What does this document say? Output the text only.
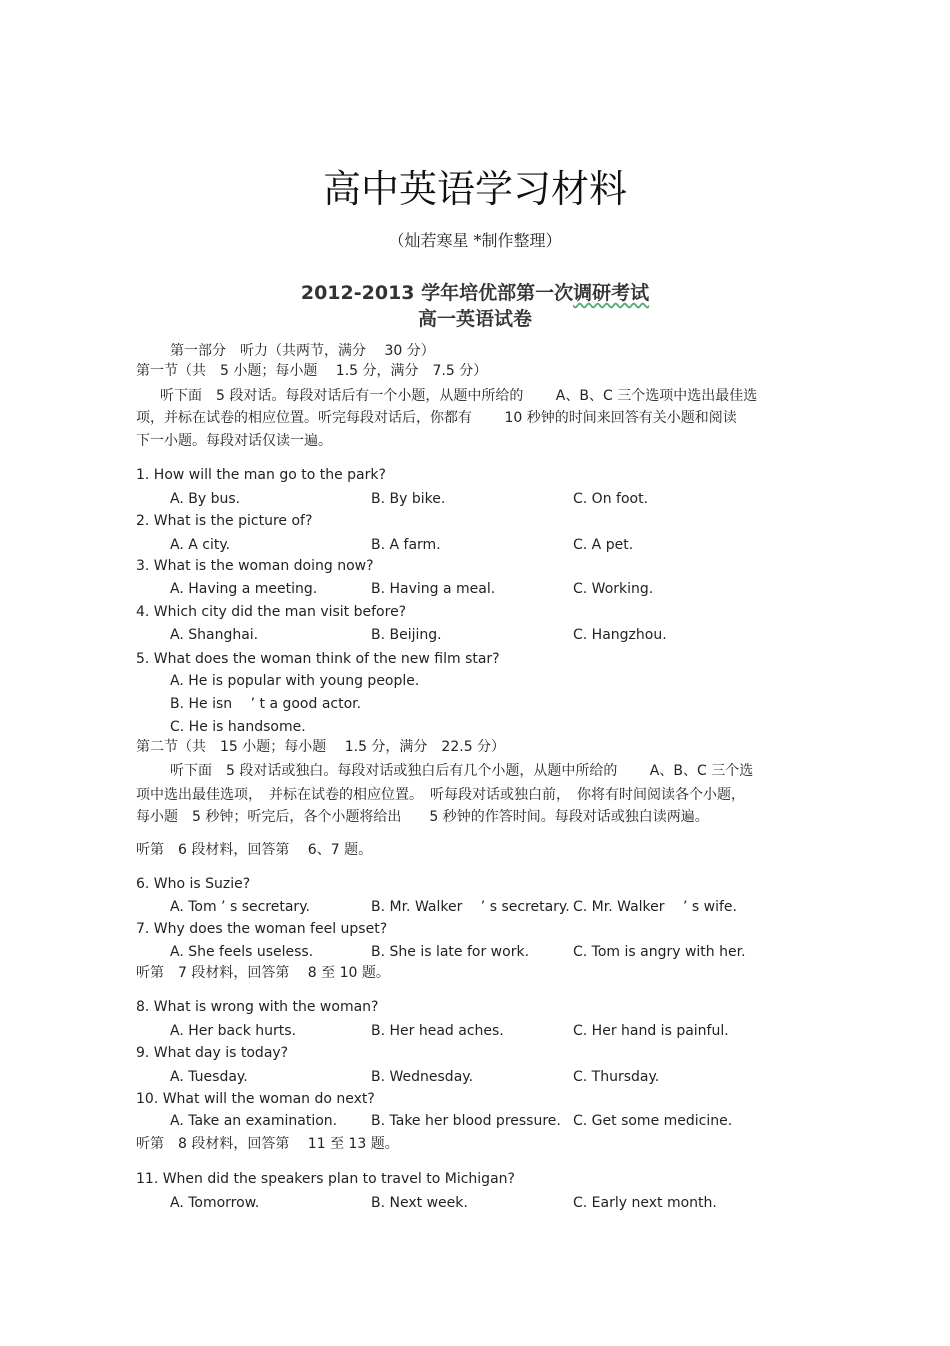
高中英语学习材料
（灿若寒星 *制作整理）
2012-2013 学年培优部第一次调研考试
高一英语试卷
第一部分　听力（共两节，满分　 30 分）
第一节（共　5 小题；每小题　 1.5 分，满分　7.5 分）
　听下面　5 段对话。每段对话后有一个小题，从题中所给的　　 A、B、C 三个选项中选出最佳选
项，并标在试卷的相应位置。听完每段对话后，你都有　　 10 秒钟的时间来回答有关小题和阅读
下一小题。每段对话仅读一遍。
1. How will the man go to the park?
A. By bus.	B. By bike.	C. On foot.
2. What is the picture of?
A. A city.	B. A farm.	C. A pet.
3. What is the woman doing now?
A. Having a meeting.	B. Having a meal.	C. Working.
4. Which city did the man visit before?
A. Shanghai.	B. Beijing.	C. Hangzhou.
5. What does the woman think of the new film star?
A. He is popular with young people.
B. He isn　 ’ t a good actor.
C. He is handsome.
第二节（共　15 小题；每小题　 1.5 分，满分　22.5 分）
　听下面　5 段对话或独白。每段对话或独白后有几个小题，从题中所给的　　 A、B、C 三个选
项中选出最佳选项，　并标在试卷的相应位置。　听每段对话或独白前，　你将有时间阅读各个小题，
每小题　5 秒钟；听完后，各个小题将给出　　5 秒钟的作答时间。每段对话或独白读两遍。
听第　6 段材料，回答第　 6、7 题。
6. Who is Suzie?
A. Tom ’ s secretary.	B. Mr. Walker　 ’ s secretary. C. Mr. Walker　 ’ s wife.
7. Why does the woman feel upset?
A. She feels useless.	B. She is late for work.	C. Tom is angry with her.
听第　7 段材料，回答第　 8 至 10 题。
8. What is wrong with the woman?
A. Her back hurts.	B. Her head aches.	C. Her hand is painful.
9. What day is today?
A. Tuesday.	B. Wednesday.	C. Thursday.
10. What will the woman do next?
A. Take an examination. B. Take her blood pressure. C. Get some medicine.
听第　8 段材料，回答第　 11 至 13 题。
11. When did the speakers plan to travel to Michigan?
A. Tomorrow.	B. Next week.	C. Early next month.
